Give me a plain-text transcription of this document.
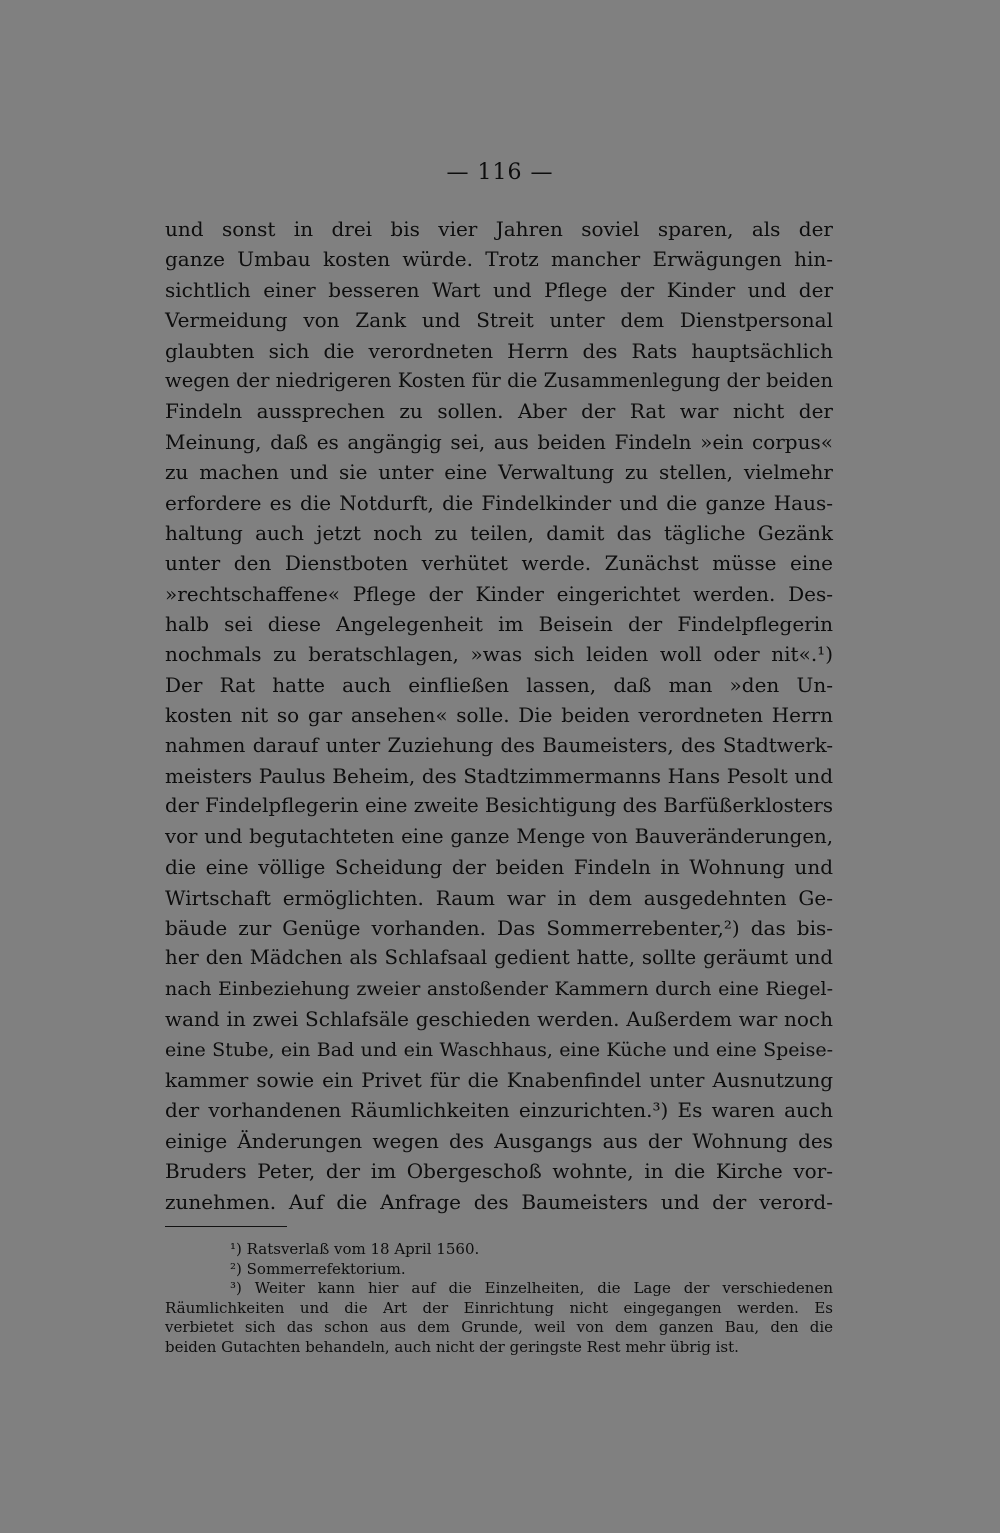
— 116 —
und sonst in drei bis vier Jahren soviel sparen, als der
ganze Umbau kosten würde. Trotz mancher Erwägungen hin-
sichtlich einer besseren Wart und Pflege der Kinder und der
Vermeidung von Zank und Streit unter dem Dienstpersonal
glaubten sich die verordneten Herrn des Rats hauptsächlich
wegen der niedrigeren Kosten für die Zusammenlegung der beiden
Findeln aussprechen zu sollen. Aber der Rat war nicht der
Meinung, daß es angängig sei, aus beiden Findeln »ein corpus«
zu machen und sie unter eine Verwaltung zu stellen, vielmehr
erfordere es die Notdurft, die Findelkinder und die ganze Haus-
haltung auch jetzt noch zu teilen, damit das tägliche Gezänk
unter den Dienstboten verhütet werde. Zunächst müsse eine
»rechtschaffene« Pflege der Kinder eingerichtet werden. Des-
halb sei diese Angelegenheit im Beisein der Findelpflegerin
nochmals zu beratschlagen, »was sich leiden woll oder nit«.¹)
Der Rat hatte auch einfließen lassen, daß man »den Un-
kosten nit so gar ansehen« solle. Die beiden verordneten Herrn
nahmen darauf unter Zuziehung des Baumeisters, des Stadtwerk-
meisters Paulus Beheim, des Stadtzimmermanns Hans Pesolt und
der Findelpflegerin eine zweite Besichtigung des Barfüßerklosters
vor und begutachteten eine ganze Menge von Bauveränderungen,
die eine völlige Scheidung der beiden Findeln in Wohnung und
Wirtschaft ermöglichten. Raum war in dem ausgedehnten Ge-
bäude zur Genüge vorhanden. Das Sommerrebenter,²) das bis-
her den Mädchen als Schlafsaal gedient hatte, sollte geräumt und
nach Einbeziehung zweier anstoßender Kammern durch eine Riegel-
wand in zwei Schlafsäle geschieden werden. Außerdem war noch
eine Stube, ein Bad und ein Waschhaus, eine Küche und eine Speise-
kammer sowie ein Privet für die Knabenfindel unter Ausnutzung
der vorhandenen Räumlichkeiten einzurichten.³) Es waren auch
einige Änderungen wegen des Ausgangs aus der Wohnung des
Bruders Peter, der im Obergeschoß wohnte, in die Kirche vor-
zunehmen. Auf die Anfrage des Baumeisters und der verord-
¹) Ratsverlaß vom 18 April 1560.
²) Sommerrefektorium.
³) Weiter kann hier auf die Einzelheiten, die Lage der verschiedenen
Räumlichkeiten und die Art der Einrichtung nicht eingegangen werden. Es
verbietet sich das schon aus dem Grunde, weil von dem ganzen Bau, den die
beiden Gutachten behandeln, auch nicht der geringste Rest mehr übrig ist.
